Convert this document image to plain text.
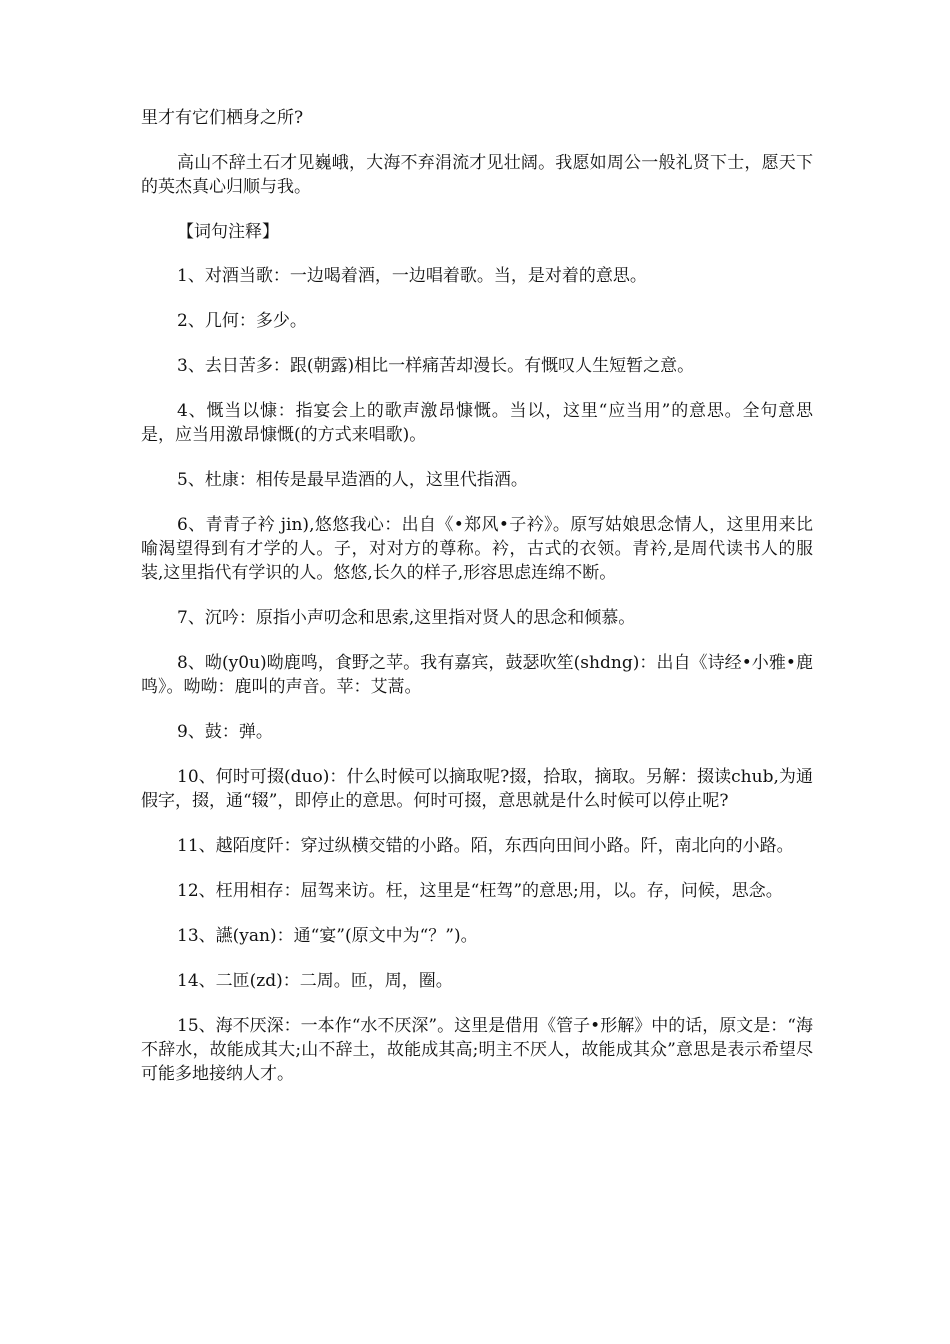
里才有它们栖身之所?

高山不辞土石才见巍峨，大海不弃涓流才见壮阔。我愿如周公一般礼贤下士，愿天下的英杰真心归顺与我。

【词句注释】

1、对酒当歌：一边喝着酒，一边唱着歌。当，是对着的意思。

2、几何：多少。

3、去日苦多：跟(朝露)相比一样痛苦却漫长。有慨叹人生短暂之意。

4、慨当以慷：指宴会上的歌声激昂慷慨。当以，这里“应当用”的意思。全句意思是，应当用激昂慷慨(的方式来唱歌)。

5、杜康：相传是最早造酒的人，这里代指酒。

6、青青子衿 jin),悠悠我心：出自《•郑风•子衿》。原写姑娘思念情人，这里用来比喻渴望得到有才学的人。子，对对方的尊称。衿，古式的衣领。青衿,是周代读书人的服装,这里指代有学识的人。悠悠,长久的样子,形容思虑连绵不断。

7、沉吟：原指小声叨念和思索,这里指对贤人的思念和倾慕。

8、呦(y0u)呦鹿鸣，食野之苹。我有嘉宾，鼓瑟吹笙(shdng)：出自《诗经•小雅•鹿鸣》。呦呦：鹿叫的声音。苹：艾蒿。

9、鼓：弹。

10、何时可掇(duo)：什么时候可以摘取呢?掇，拾取，摘取。另解：掇读chub,为通假字，掇，通“辍”，即停止的意思。何时可掇，意思就是什么时候可以停止呢?

11、越陌度阡：穿过纵横交错的小路。陌，东西向田间小路。阡，南北向的小路。

12、枉用相存：屈驾来访。枉，这里是“枉驾”的意思;用，以。存，问候，思念。

13、讌(yan)：通“宴”(原文中为“？”)。

14、二匝(zd)：二周。匝，周，圈。

15、海不厌深：一本作“水不厌深”。这里是借用《管子•形解》中的话，原文是：“海不辞水，故能成其大;山不辞土，故能成其高;明主不厌人，故能成其众”意思是表示希望尽可能多地接纳人才。
